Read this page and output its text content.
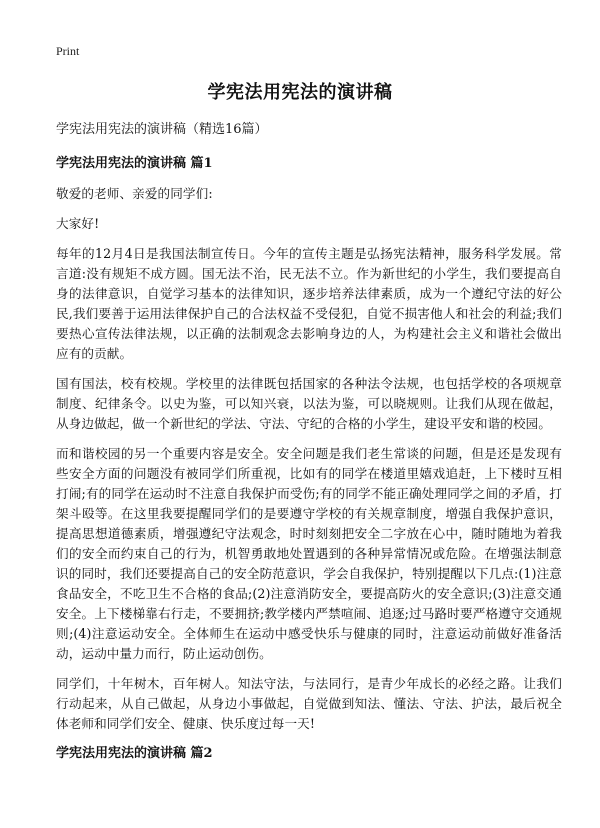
Print
学宪法用宪法的演讲稿
学宪法用宪法的演讲稿（精选16篇）
学宪法用宪法的演讲稿 篇1

敬爱的老师、亲爱的同学们:

大家好!

每年的12月4日是我国法制宣传日。今年的宣传主题是弘扬宪法精神，服务科学发展。常言道:没有规矩不成方圆。国无法不治，民无法不立。作为新世纪的小学生，我们要提高自身的法律意识，自觉学习基本的法律知识，逐步培养法律素质，成为一个遵纪守法的好公民,我们要善于运用法律保护自己的合法权益不受侵犯，自觉不损害他人和社会的利益;我们要热心宣传法律法规，以正确的法制观念去影响身边的人，为构建社会主义和谐社会做出应有的贡献。

国有国法，校有校规。学校里的法律既包括国家的各种法令法规，也包括学校的各项规章制度、纪律条令。以史为鉴，可以知兴衰，以法为鉴，可以晓规则。让我们从现在做起，从身边做起，做一个新世纪的学法、守法、守纪的合格的小学生，建设平安和谐的校园。

而和谐校园的另一个重要内容是安全。安全问题是我们老生常谈的问题，但是还是发现有些安全方面的问题没有被同学们所重视，比如有的同学在楼道里嬉戏追赶，上下楼时互相打闹;有的同学在运动时不注意自我保护而受伤;有的同学不能正确处理同学之间的矛盾，打架斗殴等。在这里我要提醒同学们的是要遵守学校的有关规章制度，增强自我保护意识，提高思想道德素质，增强遵纪守法观念，时时刻刻把安全二字放在心中，随时随地为着我们的安全而约束自己的行为，机智勇敢地处置遇到的各种异常情况或危险。在增强法制意识的同时，我们还要提高自己的安全防范意识，学会自我保护，特别提醒以下几点:(1)注意食品安全，不吃卫生不合格的食品;(2)注意消防安全，要提高防火的安全意识;(3)注意交通安全。上下楼梯靠右行走，不要拥挤;教学楼内严禁喧闹、追逐;过马路时要严格遵守交通规则;(4)注意运动安全。全体师生在运动中感受快乐与健康的同时，注意运动前做好准备活动，运动中量力而行，防止运动创伤。

同学们，十年树木，百年树人。知法守法，与法同行，是青少年成长的必经之路。让我们行动起来，从自己做起，从身边小事做起，自觉做到知法、懂法、守法、护法，最后祝全体老师和同学们安全、健康、快乐度过每一天!

学宪法用宪法的演讲稿 篇2
